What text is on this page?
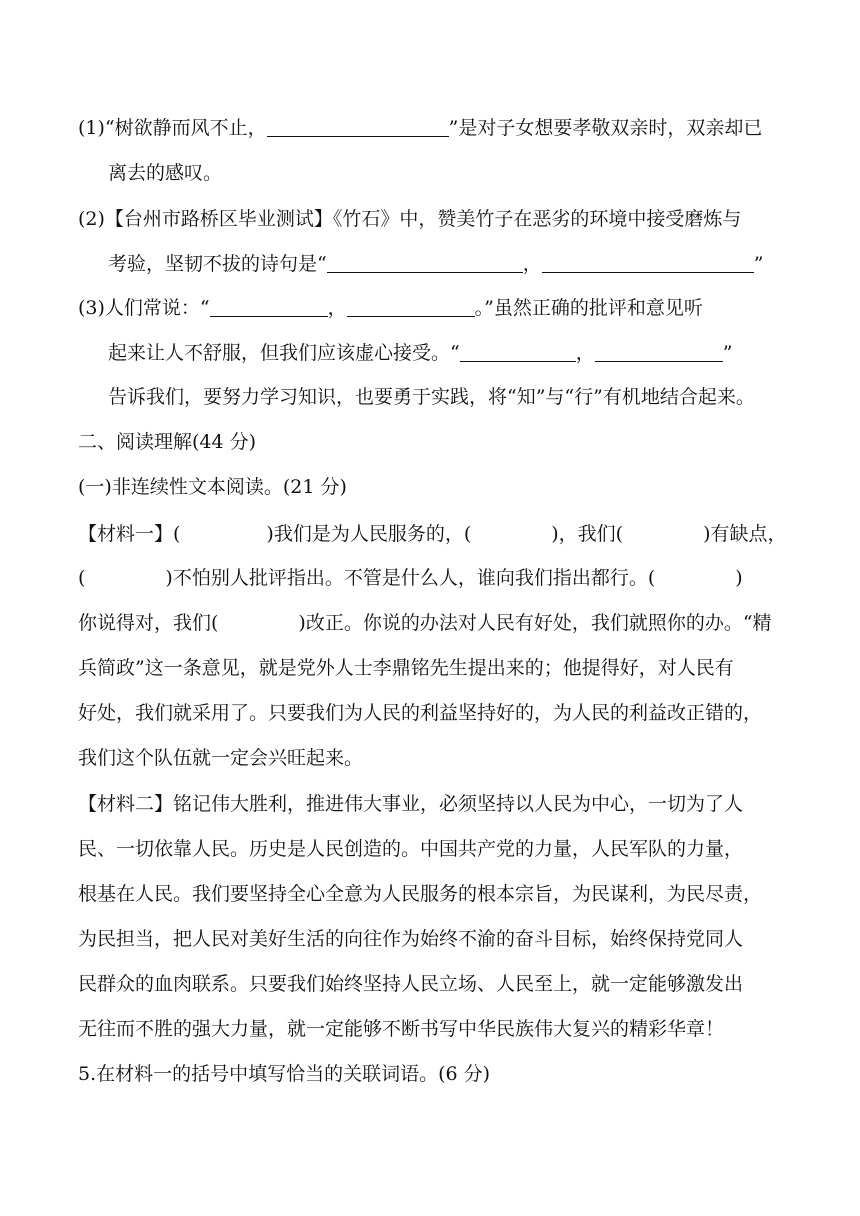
(1)“树欲静而风不止，	”是对子女想要孝敬双亲时，双亲却已
离去的感叹。
(2)【台州市路桥区毕业测试】《竹石》中，赞美竹子在恶劣的环境中接受磨炼与
考验，坚韧不拔的诗句是“	，	”
(3)人们常说：“	，	。”虽然正确的批评和意见听
起来让人不舒服，但我们应该虚心接受。“	，	”
告诉我们，要努力学习知识，也要勇于实践，将“知”与“行”有机地结合起来。
二、阅读理解(44 分)
(一)非连续性文本阅读。(21 分)
【材料一】(	)我们是为人民服务的，(	)，我们(	)有缺点，
(	)不怕别人批评指出。不管是什么人，谁向我们指出都行。(	)
你说得对，我们(	)改正。你说的办法对人民有好处，我们就照你的办。“精
兵简政”这一条意见，就是党外人士李鼎铭先生提出来的；他提得好，对人民有
好处，我们就采用了。只要我们为人民的利益坚持好的，为人民的利益改正错的，
我们这个队伍就一定会兴旺起来。
【材料二】铭记伟大胜利，推进伟大事业，必须坚持以人民为中心，一切为了人
民、一切依靠人民。历史是人民创造的。中国共产党的力量，人民军队的力量，
根基在人民。我们要坚持全心全意为人民服务的根本宗旨，为民谋利，为民尽责，
为民担当，把人民对美好生活的向往作为始终不渝的奋斗目标，始终保持党同人
民群众的血肉联系。只要我们始终坚持人民立场、人民至上，就一定能够激发出
无往而不胜的强大力量，就一定能够不断书写中华民族伟大复兴的精彩华章！
5.在材料一的括号中填写恰当的关联词语。(6 分)
